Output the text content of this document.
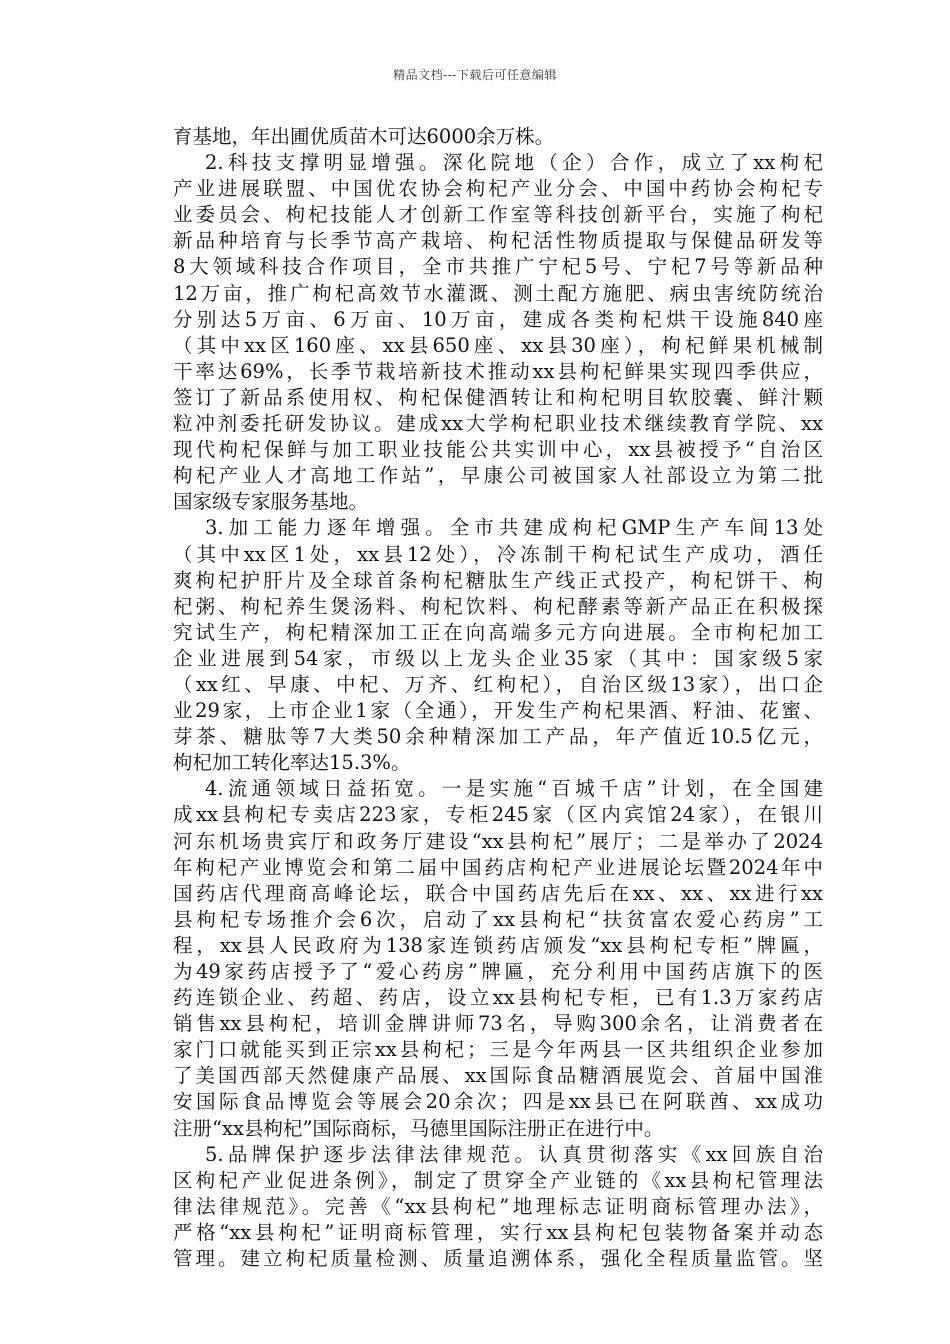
精品文档---下载后可任意编辑
育基地，年出圃优质苗木可达6000余万株。
2.科技支撑明显增强。深化院地（企）合作，成立了xx枸杞
产业进展联盟、中国优农协会枸杞产业分会、中国中药协会枸杞专
业委员会、枸杞技能人才创新工作室等科技创新平台，实施了枸杞
新品种培育与长季节高产栽培、枸杞活性物质提取与保健品研发等
8大领域科技合作项目，全市共推广宁杞5号、宁杞7号等新品种
12万亩，推广枸杞高效节水灌溉、测土配方施肥、病虫害统防统治
分别达5万亩、6万亩、10万亩，建成各类枸杞烘干设施840座
（其中xx区160座、xx县650座、xx县30座），枸杞鲜果机械制
干率达69%，长季节栽培新技术推动xx县枸杞鲜果实现四季供应，
签订了新品系使用权、枸杞保健酒转让和枸杞明目软胶囊、鲜汁颗
粒冲剂委托研发协议。建成xx大学枸杞职业技术继续教育学院、xx
现代枸杞保鲜与加工职业技能公共实训中心，xx县被授予“自治区
枸杞产业人才高地工作站”，早康公司被国家人社部设立为第二批
国家级专家服务基地。
3.加工能力逐年增强。全市共建成枸杞GMP生产车间13处
（其中xx区1处，xx县12处），冷冻制干枸杞试生产成功，酒任
爽枸杞护肝片及全球首条枸杞糖肽生产线正式投产，枸杞饼干、枸
杞粥、枸杞养生煲汤料、枸杞饮料、枸杞酵素等新产品正在积极探
究试生产，枸杞精深加工正在向高端多元方向进展。全市枸杞加工
企业进展到54家，市级以上龙头企业35家（其中：国家级5家
（xx红、早康、中杞、万齐、红枸杞），自治区级13家），出口企
业29家，上市企业1家（全通），开发生产枸杞果酒、籽油、花蜜、
芽茶、糖肽等7大类50余种精深加工产品，年产值近10.5亿元，
枸杞加工转化率达15.3%。
4.流通领域日益拓宽。一是实施“百城千店”计划，在全国建
成xx县枸杞专卖店223家，专柜245家（区内宾馆24家），在银川
河东机场贵宾厅和政务厅建设“xx县枸杞”展厅；二是举办了2024
年枸杞产业博览会和第二届中国药店枸杞产业进展论坛暨2024年中
国药店代理商高峰论坛，联合中国药店先后在xx、xx、xx进行xx
县枸杞专场推介会6次，启动了xx县枸杞“扶贫富农爱心药房”工
程，xx县人民政府为138家连锁药店颁发“xx县枸杞专柜”牌匾，
为49家药店授予了“爱心药房”牌匾，充分利用中国药店旗下的医
药连锁企业、药超、药店，设立xx县枸杞专柜，已有1.3万家药店
销售xx县枸杞，培训金牌讲师73名，导购300余名，让消费者在
家门口就能买到正宗xx县枸杞；三是今年两县一区共组织企业参加
了美国西部天然健康产品展、xx国际食品糖酒展览会、首届中国淮
安国际食品博览会等展会20余次；四是xx县已在阿联酋、xx成功
注册“xx县枸杞”国际商标，马德里国际注册正在进行中。
5.品牌保护逐步法律法律规范。认真贯彻落实《xx回族自治
区枸杞产业促进条例》，制定了贯穿全产业链的《xx县枸杞管理法
律法律规范》。完善《“xx县枸杞”地理标志证明商标管理办法》，
严格“xx县枸杞”证明商标管理，实行xx县枸杞包装物备案并动态
管理。建立枸杞质量检测、质量追溯体系，强化全程质量监管。坚
